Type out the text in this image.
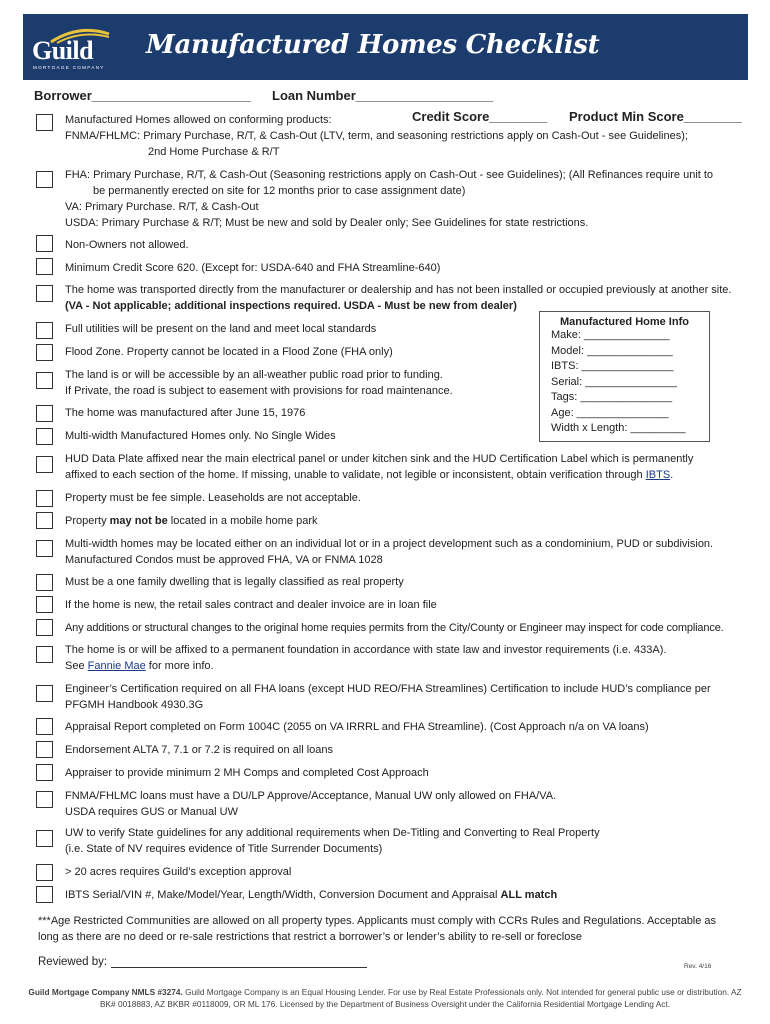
Guild
MORTGAGE COMPANY
Manufactured Homes Checklist
Borrower______________________ Loan Number___________________
Credit Score________ Product Min Score________
Manufactured Homes allowed on conforming products:
FNMA/FHLMC: Primary Purchase, R/T, & Cash-Out (LTV, term, and seasoning restrictions apply on Cash-Out - see Guidelines);
2nd Home Purchase & R/T
FHA: Primary Purchase, R/T, & Cash-Out (Seasoning restrictions apply on Cash-Out - see Guidelines); (All Refinances require unit to
be permanently erected on site for 12 months prior to case assignment date)
VA: Primary Purchase. R/T, & Cash-Out
USDA: Primary Purchase & R/T; Must be new and sold by Dealer only; See Guidelines for state restrictions.
Non-Owners not allowed.
Minimum Credit Score 620. (Except for: USDA-640 and FHA Streamline-640)
The home was transported directly from the manufacturer or dealership and has not been installed or occupied previously at another site.
(VA - Not applicable; additional inspections required. USDA - Must be new from dealer)
Full utilities will be present on the land and meet local standards
Flood Zone. Property cannot be located in a Flood Zone (FHA only)
The land is or will be accessible by an all-weather public road prior to funding.
If Private, the road is subject to easement with provisions for road maintenance.
The home was manufactured after June 15, 1976
Multi-width Manufactured Homes only. No Single Wides
Manufactured Home Info
Make: ______________
Model: ______________
IBTS: _______________
Serial: _______________
Tags: _______________
Age: _______________
Width x Length: _________
HUD Data Plate affixed near the main electrical panel or under kitchen sink and the HUD Certification Label which is permanently
affixed to each section of the home. If missing, unable to validate, not legible or inconsistent, obtain verification through IBTS.
Property must be fee simple. Leaseholds are not acceptable.
Property may not be located in a mobile home park
Multi-width homes may be located either on an individual lot or in a project development such as a condominium, PUD or subdivision.
Manufactured Condos must be approved FHA, VA or FNMA 1028
Must be a one family dwelling that is legally classified as real property
If the home is new, the retail sales contract and dealer invoice are in loan file
Any additions or structural changes to the original home requies permits from the City/County or Engineer may inspect for code compliance.
The home is or will be affixed to a permanent foundation in accordance with state law and investor requirements (i.e. 433A).
See Fannie Mae for more info.
Engineer’s Certification required on all FHA loans (except HUD REO/FHA Streamlines) Certification to include HUD’s compliance per
PFGMH Handbook 4930.3G
Appraisal Report completed on Form 1004C (2055 on VA IRRRL and FHA Streamline). (Cost Approach n/a on VA loans)
Endorsement ALTA 7, 7.1 or 7.2 is required on all loans
Appraiser to provide minimum 2 MH Comps and completed Cost Approach
FNMA/FHLMC loans must have a DU/LP Approve/Acceptance, Manual UW only allowed on FHA/VA.
USDA requires GUS or Manual UW
UW to verify State guidelines for any additional requirements when De-Titling and Converting to Real Property
(i.e. State of NV requires evidence of Title Surrender Documents)
> 20 acres requires Guild’s exception approval
IBTS Serial/VIN #, Make/Model/Year, Length/Width, Conversion Document and Appraisal ALL match
***Age Restricted Communities are allowed on all property types. Applicants must comply with CCRs Rules and Regulations. Acceptable as long as there are no deed or re-sale restrictions that restrict a borrower’s or lender’s ability to re-sell or foreclose
Reviewed by:	Rev. 4/16
Guild Mortgage Company NMLS #3274. Guild Mortgage Company is an Equal Housing Lender. For use by Real Estate Professionals only. Not intended for general public use or distribution. AZ BK# 0018883, AZ BKBR #0118009, OR ML 176. Licensed by the Department of Business Oversight under the California Residential Mortgage Lending Act.
